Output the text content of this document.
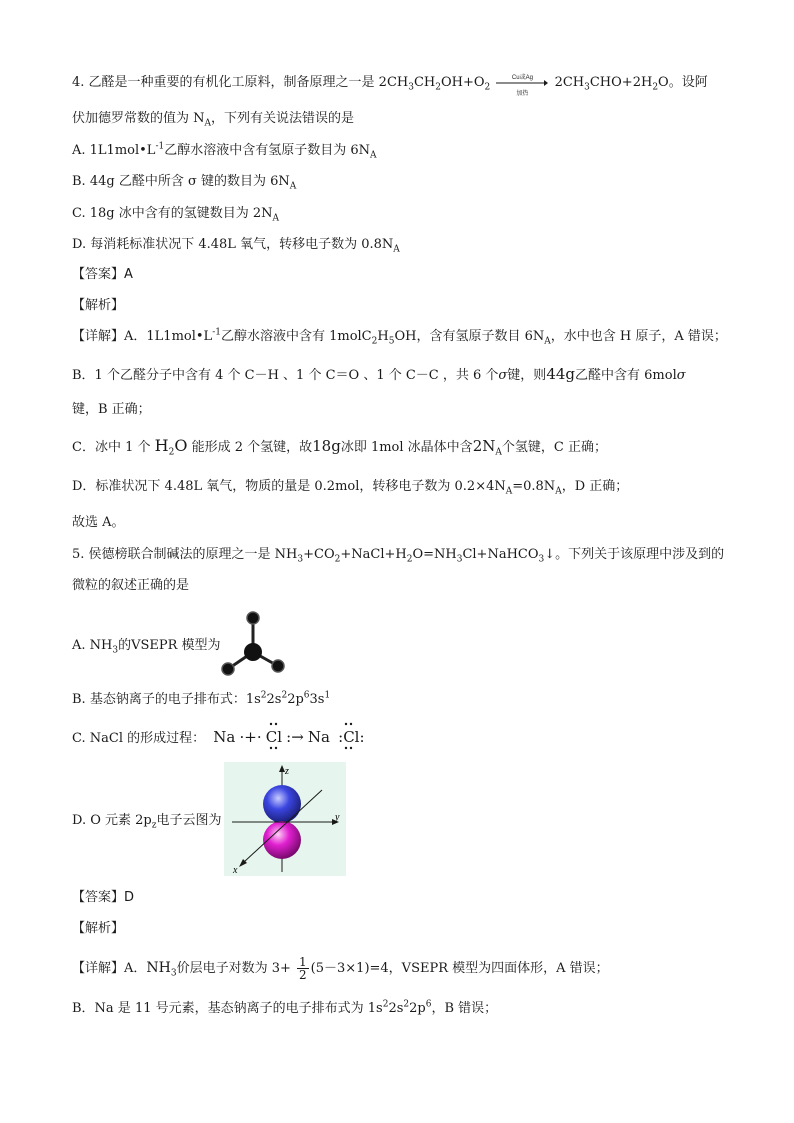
4. 乙醛是一种重要的有机化工原料，制备原理之一是 $2CH_3CH_2OH+O_2$
Cu或Ag
加热
$2CH_3CHO+2H_2O$。设阿
伏加德罗常数的值为 $N_A$，下列有关说法错误的是
A. $1L1mol•L^{-1}$乙醇水溶液中含有氢原子数目为 $6N_A$
B. 44g 乙醛中所含 σ 键的数目为 $6N_A$
C. 18g 冰中含有的氢键数目为 $2N_A$
D. 每消耗标准状况下 4.48L 氧气，转移电子数为 $0.8N_A$
【答案】A
【解析】
【详解】A．$1L1mol•L^{-1}$乙醇水溶液中含有 $1molC_2H_5OH$，含有氢原子数目 $6N_A$，水中也含 H 原子，A 错误；
B．1 个乙醛分子中含有 4 个 C－H 、1 个 C＝O 、1 个 C－C ，共 6 个σ键，则44g乙醛中含有 6molσ
键，B 正确；
C．冰中 1 个 $H_2O$ 能形成 2 个氢键，故18g冰即 1mol 冰晶体中含$2N_A$个氢键，C 正确；
D．标准状况下 4.48L 氧气，物质的量是 0.2mol，转移电子数为 $0.2\times 4N_A=0.8N_A$，D 正确；
故选 A。
5. 侯德榜联合制碱法的原理之一是 $NH_3+CO_2+NaCl+H_2O=NH_3Cl+NaHCO_3↓$。下列关于该原理中涉及到的
微粒的叙述正确的是
A. $NH_3$的VSEPR 模型为
B. 基态钠离子的电子排布式：$1s^22s^22p^63s^1$
C. NaCl 的形成过程： Na ·+· Cl :→ Na :Cl:
D. O 元素 $2p_z$电子云图为
z
y
x
【答案】D
【解析】
【详解】A．$NH_3$价层电子对数为 $3+ \frac{1}{2} (5-3\times 1)=4$，VSEPR 模型为四面体形，A 错误；
B．Na 是 11 号元素，基态钠离子的电子排布式为 $1s^22s^22p^6$，B 错误；
